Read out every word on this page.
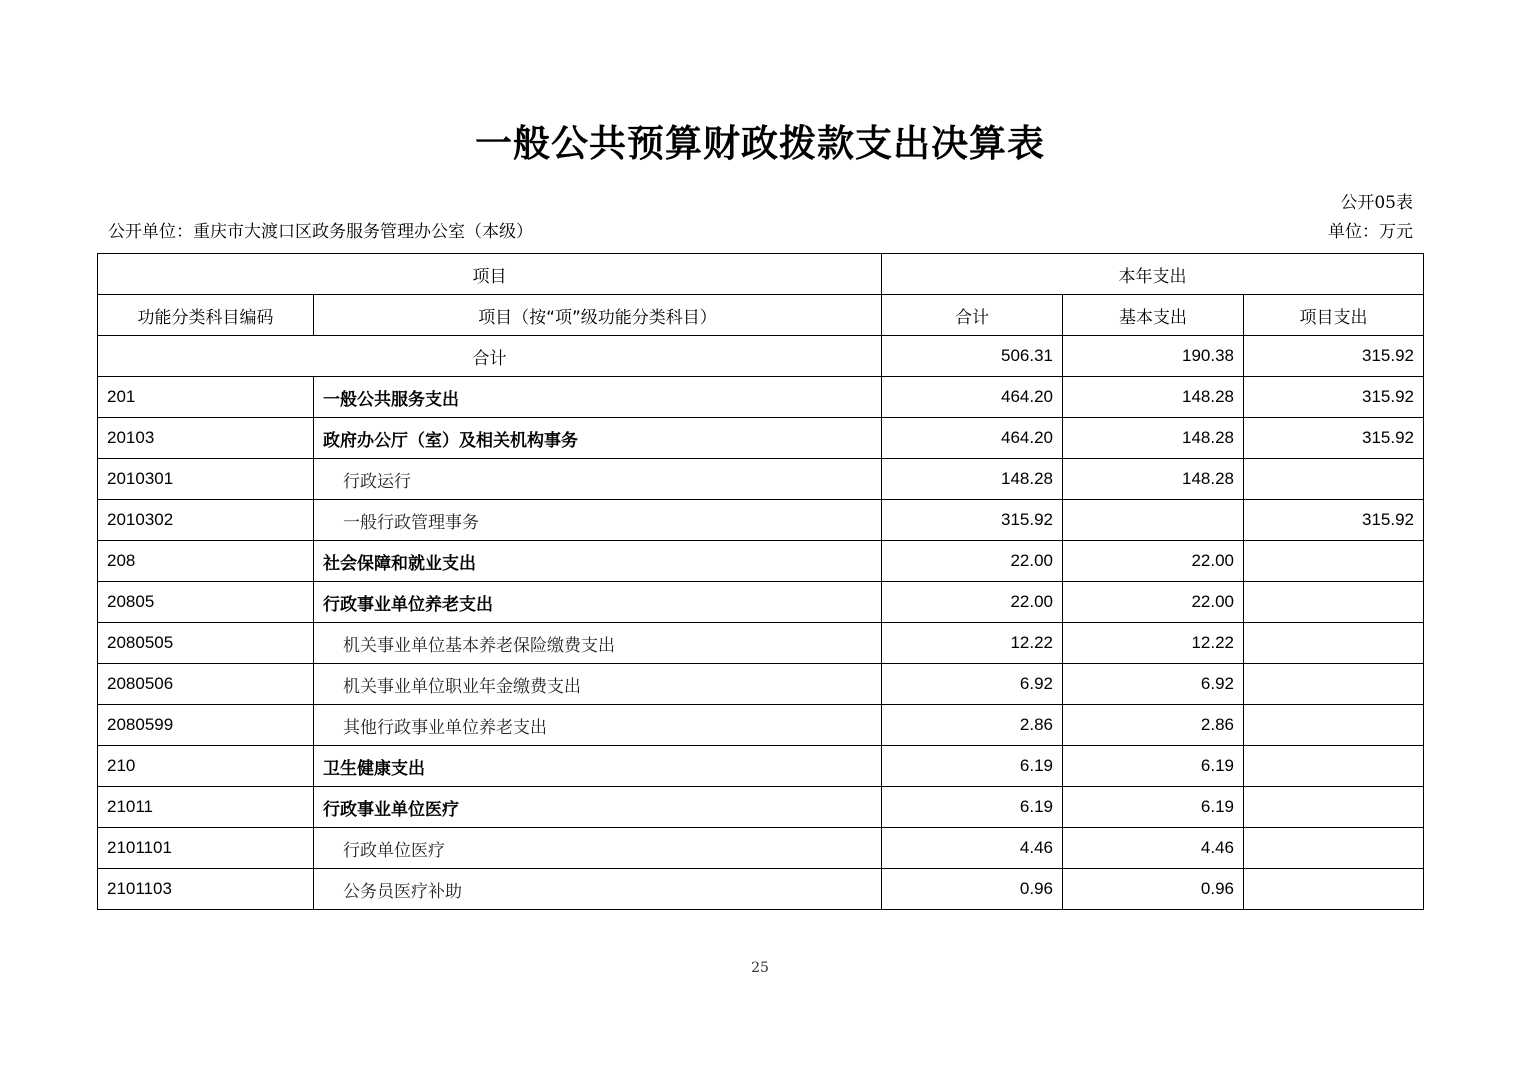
一般公共预算财政拨款支出决算表
公开05表
公开单位：重庆市大渡口区政务服务管理办公室（本级）	单位：万元
项目		本年支出		
功能分类科目编码	项目（按“项”级功能分类科目）	合计	基本支出	项目支出
合计		506.31	190.38	315.92
201	一般公共服务支出	464.20	148.28	315.92
20103	政府办公厅（室）及相关机构事务	464.20	148.28	315.92
2010301	行政运行	148.28	148.28	
2010302	一般行政管理事务	315.92		315.92
208	社会保障和就业支出	22.00	22.00	
20805	行政事业单位养老支出	22.00	22.00	
2080505	机关事业单位基本养老保险缴费支出	12.22	12.22	
2080506	机关事业单位职业年金缴费支出	6.92	6.92	
2080599	其他行政事业单位养老支出	2.86	2.86	
210	卫生健康支出	6.19	6.19	
21011	行政事业单位医疗	6.19	6.19	
2101101	行政单位医疗	4.46	4.46	
2101103	公务员医疗补助	0.96	0.96	
25
